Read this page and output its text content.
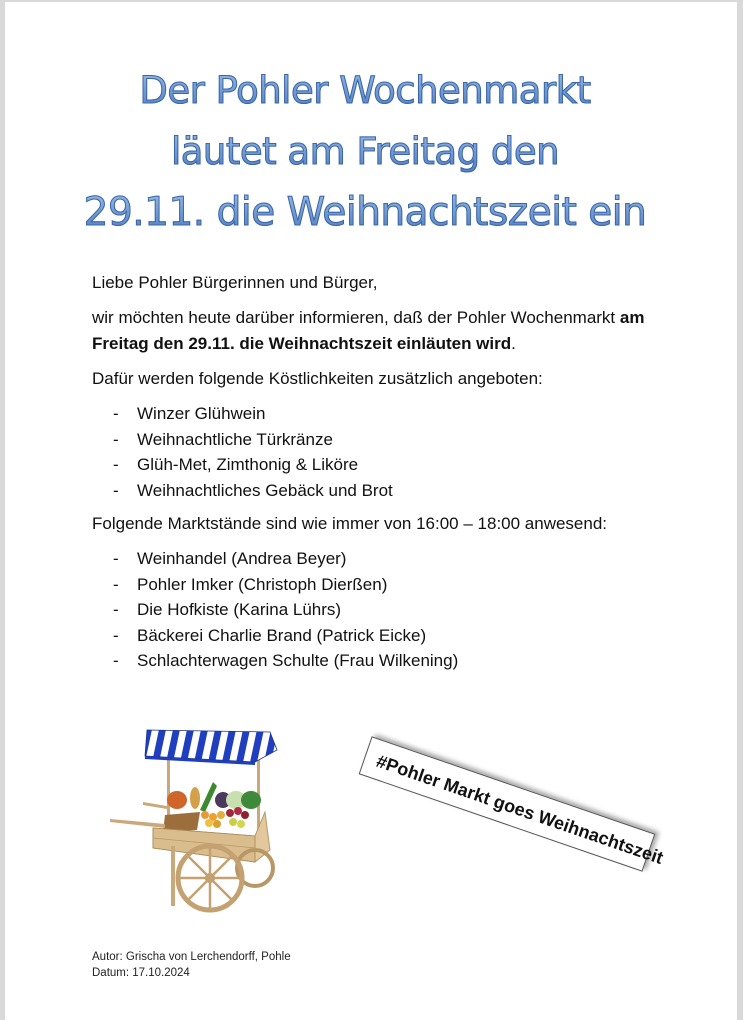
Der Pohler Wochenmarkt
läutet am Freitag den
29.11. die Weihnachtszeit ein

Liebe Pohler Bürgerinnen und Bürger,

wir möchten heute darüber informieren, daß der Pohler Wochenmarkt am Freitag den 29.11. die Weihnachtszeit einläuten wird.

Dafür werden folgende Köstlichkeiten zusätzlich angeboten:

- Winzer Glühwein
- Weihnachtliche Türkränze
- Glüh-Met, Zimthonig & Liköre
- Weihnachtliches Gebäck und Brot

Folgende Marktstände sind wie immer von 16:00 – 18:00 anwesend:

- Weinhandel (Andrea Beyer)
- Pohler Imker (Christoph Dierßen)
- Die Hofkiste (Karina Lührs)
- Bäckerei Charlie Brand (Patrick Eicke)
- Schlachterwagen Schulte (Frau Wilkening)
#Pohler Markt goes Weihnachtszeit
Autor: Grischa von Lerchendorff, Pohle
Datum: 17.10.2024
